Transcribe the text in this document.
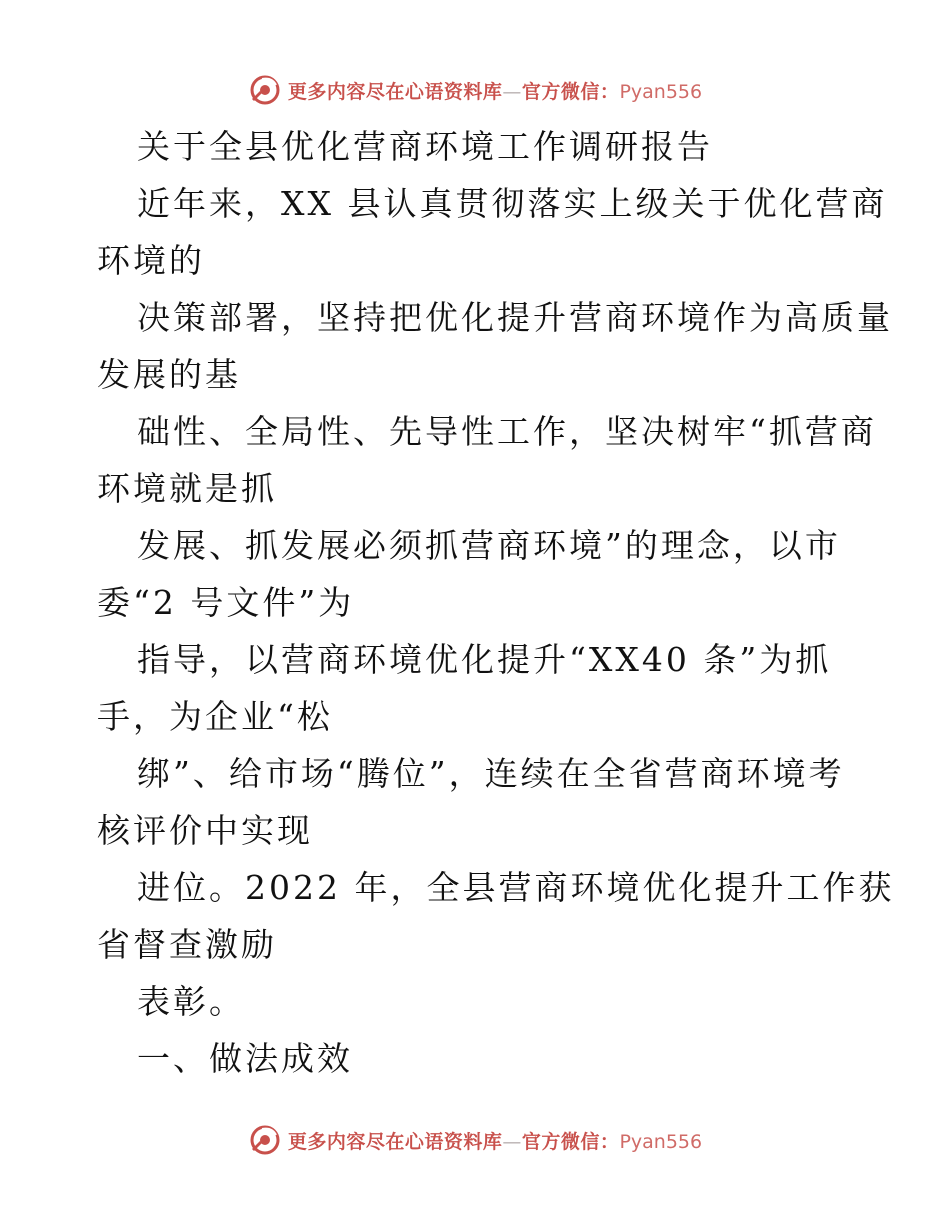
更多内容尽在心语资料库—官方微信：Pyan556
关于全县优化营商环境工作调研报告
近年来，XX 县认真贯彻落实上级关于优化营商
环境的
决策部署，坚持把优化提升营商环境作为高质量
发展的基
础性、全局性、先导性工作，坚决树牢“抓营商
环境就是抓
发展、抓发展必须抓营商环境”的理念，以市
委“2 号文件”为
指导，以营商环境优化提升“XX40 条”为抓
手，为企业“松
绑”、给市场“腾位”，连续在全省营商环境考
核评价中实现
进位。2022 年，全县营商环境优化提升工作获
省督查激励
表彰。
一、做法成效
更多内容尽在心语资料库—官方微信：Pyan556
